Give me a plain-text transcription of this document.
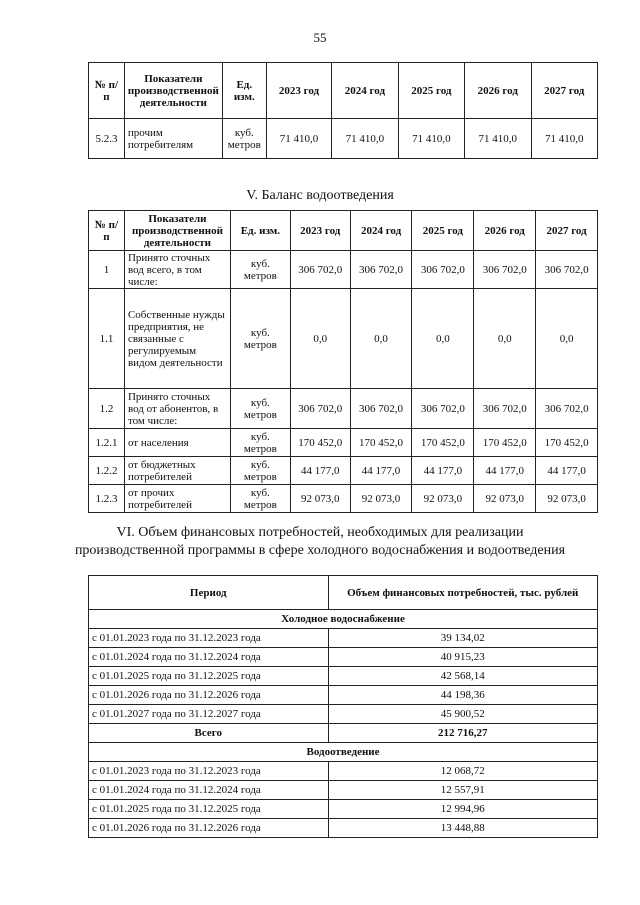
55
№ п/п	Показатели производственной деятельности	Ед. изм.	2023 год	2024 год	2025 год	2026 год	2027 год
5.2.3	прочим потребителям	куб. метров	71 410,0	71 410,0	71 410,0	71 410,0	71 410,0
V. Баланс водоотведения
№ п/п	Показатели производственной деятельности	Ед. изм.	2023 год	2024 год	2025 год	2026 год	2027 год
1	Принято сточных вод всего, в том числе:	куб. метров	306 702,0	306 702,0	306 702,0	306 702,0	306 702,0
1.1	Собственные нужды предприятия, не связанные с регулируемым видом деятельности	куб. метров	0,0	0,0	0,0	0,0	0,0
1.2	Принято сточных вод от абонентов, в том числе:	куб. метров	306 702,0	306 702,0	306 702,0	306 702,0	306 702,0
1.2.1	от населения	куб. метров	170 452,0	170 452,0	170 452,0	170 452,0	170 452,0
1.2.2	от бюджетных потребителей	куб. метров	44 177,0	44 177,0	44 177,0	44 177,0	44 177,0
1.2.3	от прочих потребителей	куб. метров	92 073,0	92 073,0	92 073,0	92 073,0	92 073,0
VI. Объем финансовых потребностей, необходимых для реализации
производственной программы в сфере холодного водоснабжения и водоотведения
Период	Объем финансовых потребностей, тыс. рублей
Холодное водоснабжение	
с 01.01.2023 года по 31.12.2023 года	39 134,02
с 01.01.2024 года по 31.12.2024 года	40 915,23
с 01.01.2025 года по 31.12.2025 года	42 568,14
с 01.01.2026 года по 31.12.2026 года	44 198,36
с 01.01.2027 года по 31.12.2027 года	45 900,52
Всего	212 716,27
Водоотведение	
с 01.01.2023 года по 31.12.2023 года	12 068,72
с 01.01.2024 года по 31.12.2024 года	12 557,91
с 01.01.2025 года по 31.12.2025 года	12 994,96
с 01.01.2026 года по 31.12.2026 года	13 448,88
